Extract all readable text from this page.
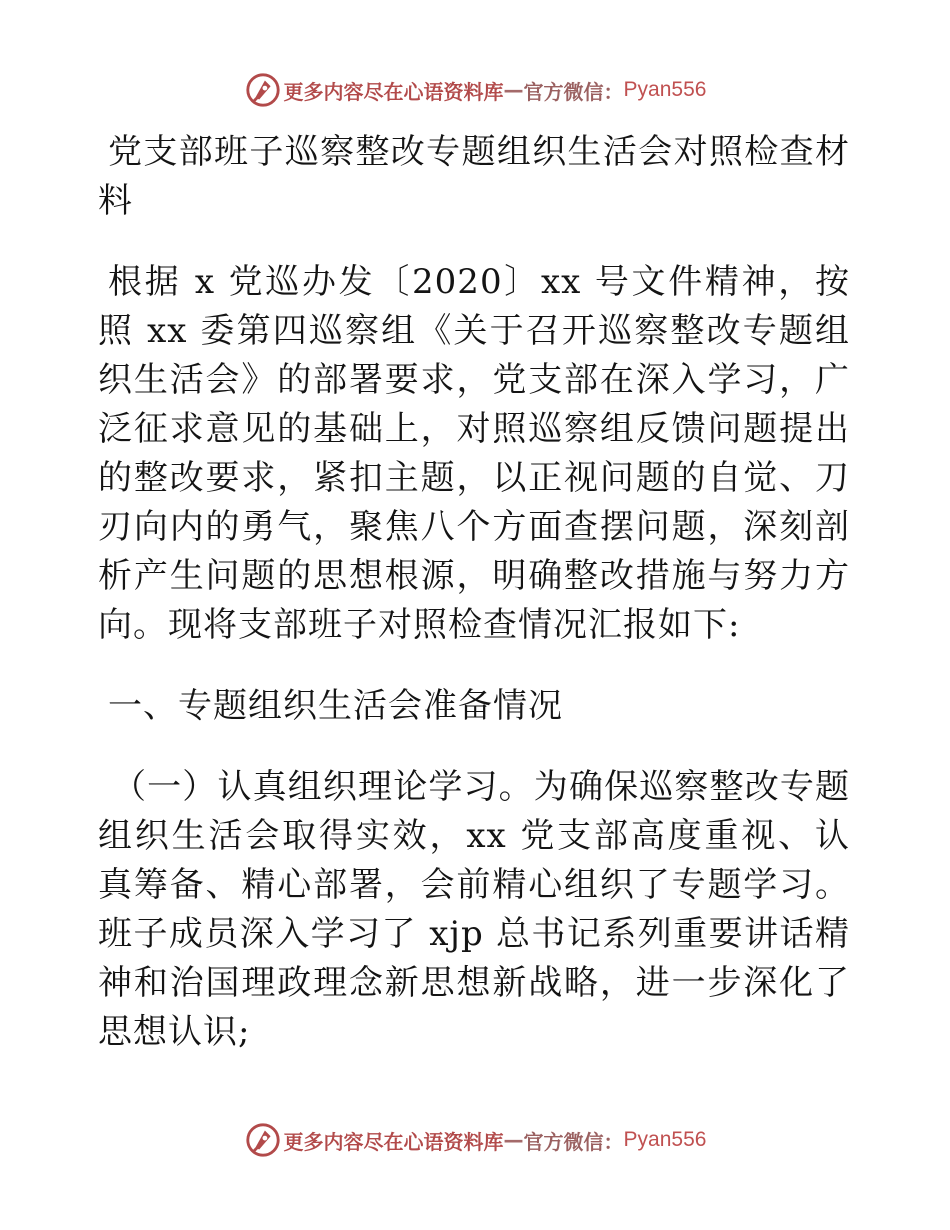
更多内容尽在心语资料库 — 官方微信： Pyan556

党支部班子巡察整改专题组织生活会对照检查材料

根据 x 党巡办发〔2020〕xx 号文件精神，按照 xx 委第四巡察组《关于召开巡察整改专题组织生活会》的部署要求，党支部在深入学习，广泛征求意见的基础上，对照巡察组反馈问题提出的整改要求，紧扣主题，以正视问题的自觉、刀刃向内的勇气，聚焦八个方面查摆问题，深刻剖析产生问题的思想根源，明确整改措施与努力方向。现将支部班子对照检查情况汇报如下:

一、专题组织生活会准备情况

（一）认真组织理论学习。为确保巡察整改专题组织生活会取得实效，xx 党支部高度重视、认真筹备、精心部署，会前精心组织了专题学习。班子成员深入学习了 xjp 总书记系列重要讲话精神和治国理政理念新思想新战略，进一步深化了思想认识;

更多内容尽在心语资料库 — 官方微信： Pyan556
